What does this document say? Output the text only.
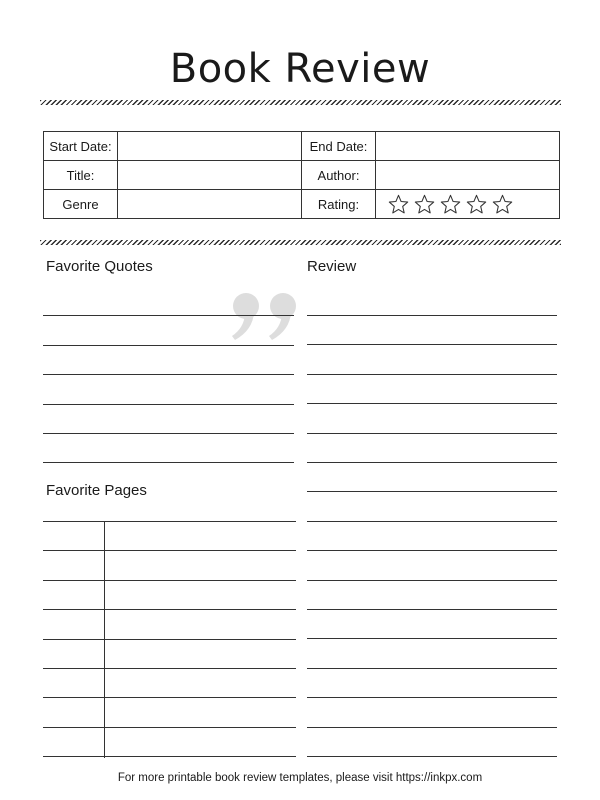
Book Review
Start Date:		End Date:	
Title:		Author:	
Genre		Rating:	
Favorite Quotes	Review
Favorite Pages
For more printable book review templates, please visit https://inkpx.com
